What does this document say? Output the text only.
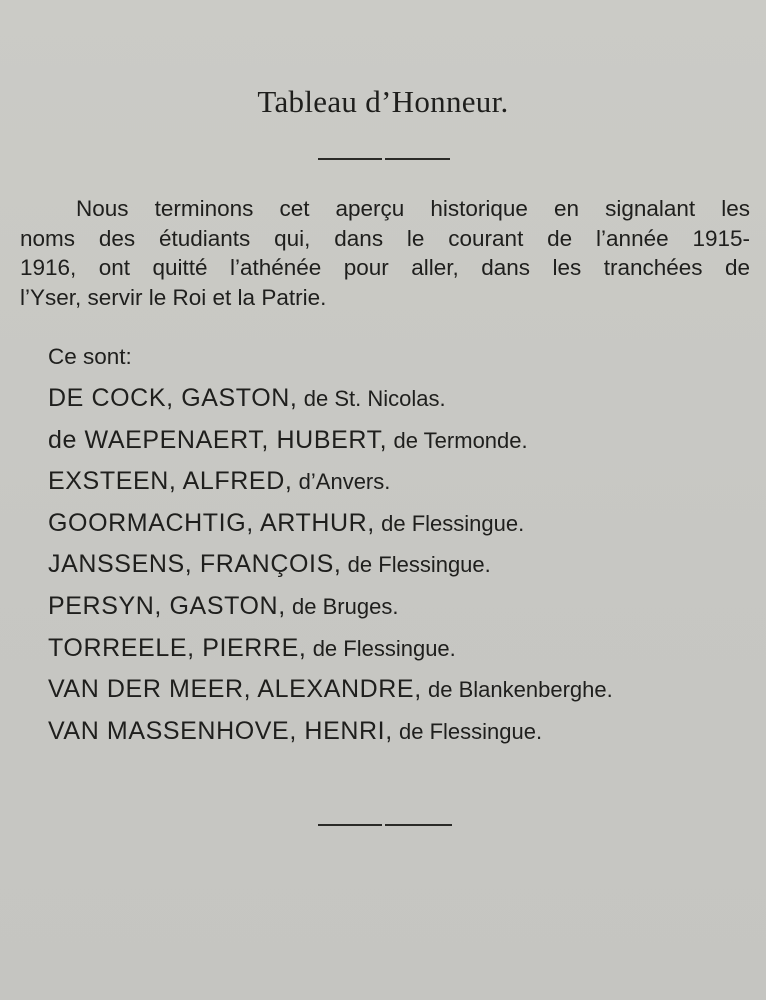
Tableau d’Honneur.
Nous terminons cet aperçu historique en signalant les
noms des étudiants qui, dans le courant de l’année 1915-
1916, ont quitté l’athénée pour aller, dans les tranchées de
l’Yser, servir le Roi et la Patrie.
Ce sont:
DE COCK, GASTON, de St. Nicolas.
de WAEPENAERT, HUBERT, de Termonde.
EXSTEEN, ALFRED, d’Anvers.
GOORMACHTIG, ARTHUR, de Flessingue.
JANSSENS, FRANÇOIS, de Flessingue.
PERSYN, GASTON, de Bruges.
TORREELE, PIERRE, de Flessingue.
VAN DER MEER, ALEXANDRE, de Blankenberghe.
VAN MASSENHOVE, HENRI, de Flessingue.
